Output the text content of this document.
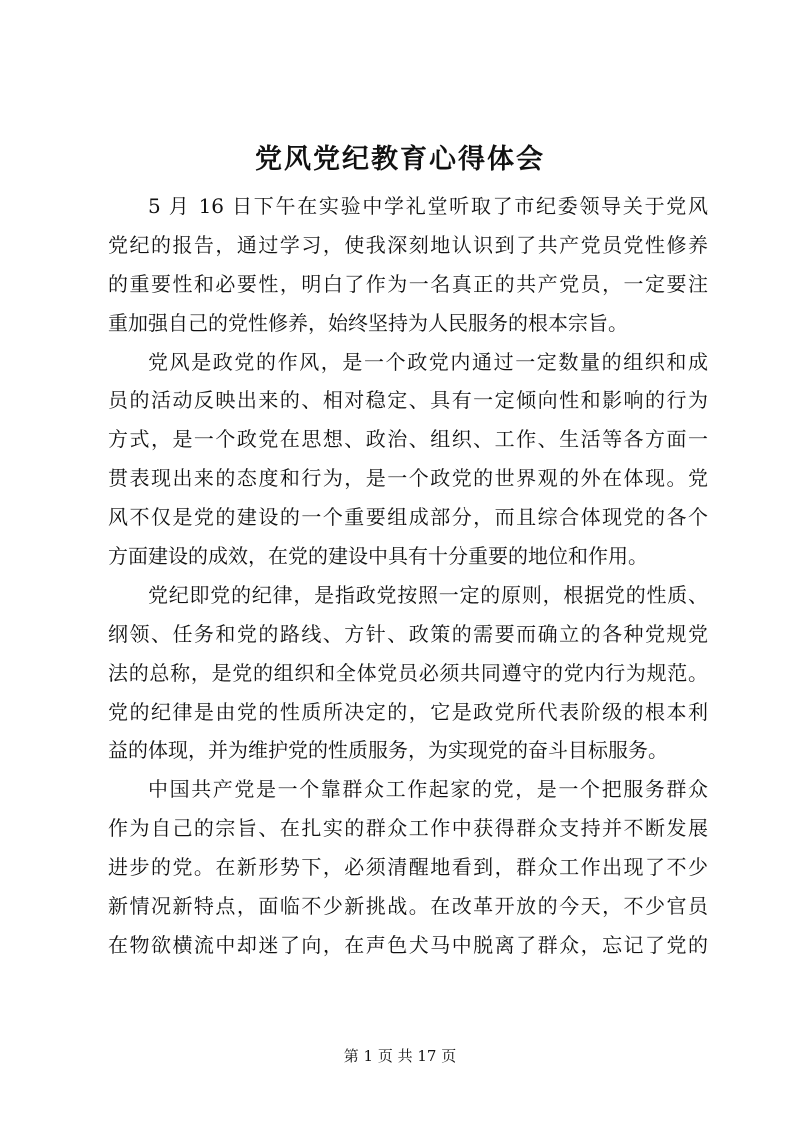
党风党纪教育心得体会
5 月 16 日下午在实验中学礼堂听取了市纪委领导关于党风
党纪的报告，通过学习，使我深刻地认识到了共产党员党性修养
的重要性和必要性，明白了作为一名真正的共产党员，一定要注
重加强自己的党性修养，始终坚持为人民服务的根本宗旨。
党风是政党的作风，是一个政党内通过一定数量的组织和成
员的活动反映出来的、相对稳定、具有一定倾向性和影响的行为
方式，是一个政党在思想、政治、组织、工作、生活等各方面一
贯表现出来的态度和行为，是一个政党的世界观的外在体现。党
风不仅是党的建设的一个重要组成部分，而且综合体现党的各个
方面建设的成效，在党的建设中具有十分重要的地位和作用。
党纪即党的纪律，是指政党按照一定的原则，根据党的性质、
纲领、任务和党的路线、方针、政策的需要而确立的各种党规党
法的总称，是党的组织和全体党员必须共同遵守的党内行为规范。
党的纪律是由党的性质所决定的，它是政党所代表阶级的根本利
益的体现，并为维护党的性质服务，为实现党的奋斗目标服务。
中国共产党是一个靠群众工作起家的党，是一个把服务群众
作为自己的宗旨、在扎实的群众工作中获得群众支持并不断发展
进步的党。在新形势下，必须清醒地看到，群众工作出现了不少
新情况新特点，面临不少新挑战。在改革开放的今天，不少官员
在物欲横流中却迷了向，在声色犬马中脱离了群众，忘记了党的
第 1 页 共 17 页
